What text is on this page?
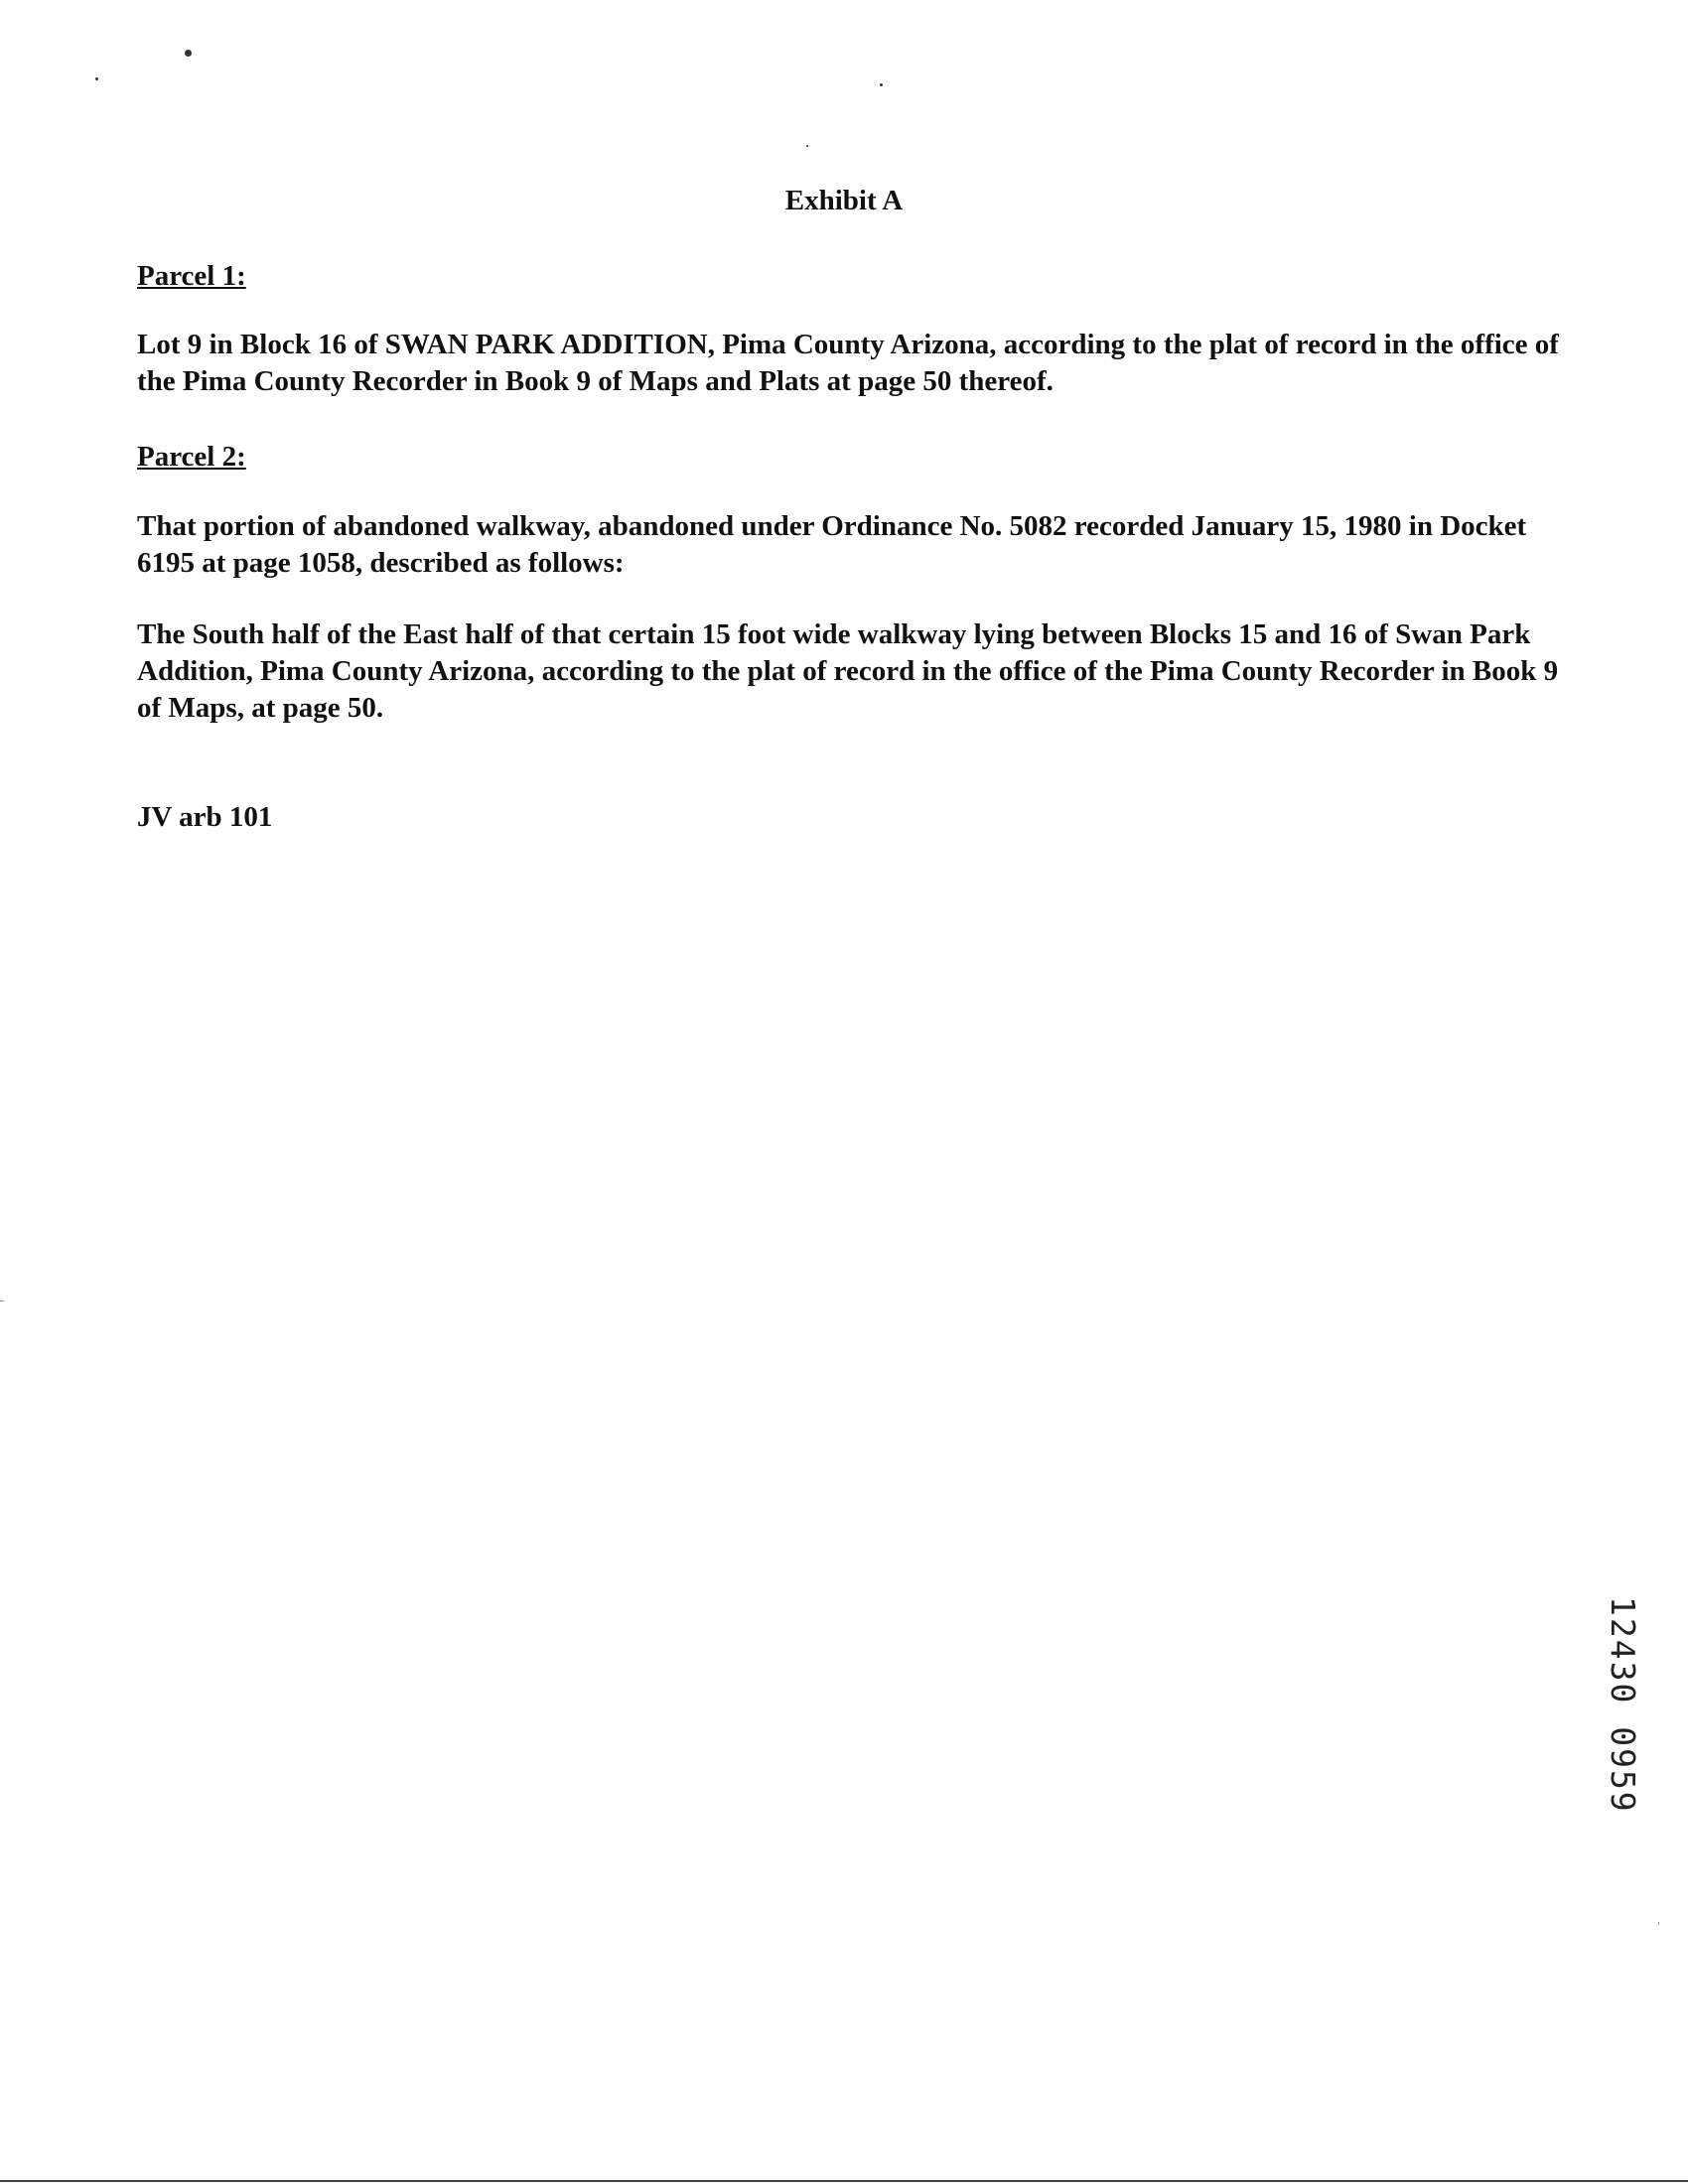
Exhibit A
Parcel 1:
Lot 9 in Block 16 of SWAN PARK ADDITION, Pima County Arizona, according to the plat of record in the office of the Pima County Recorder in Book 9 of Maps and Plats at page 50 thereof.
Parcel 2:
That portion of abandoned walkway, abandoned under Ordinance No. 5082 recorded January 15, 1980 in Docket 6195 at page 1058, described as follows:
The South half of the East half of that certain 15 foot wide walkway lying between Blocks 15 and 16 of Swan Park Addition, Pima County Arizona, according to the plat of record in the office of the Pima County Recorder in Book 9 of Maps, at page 50.
JV arb 101
12430 0959
